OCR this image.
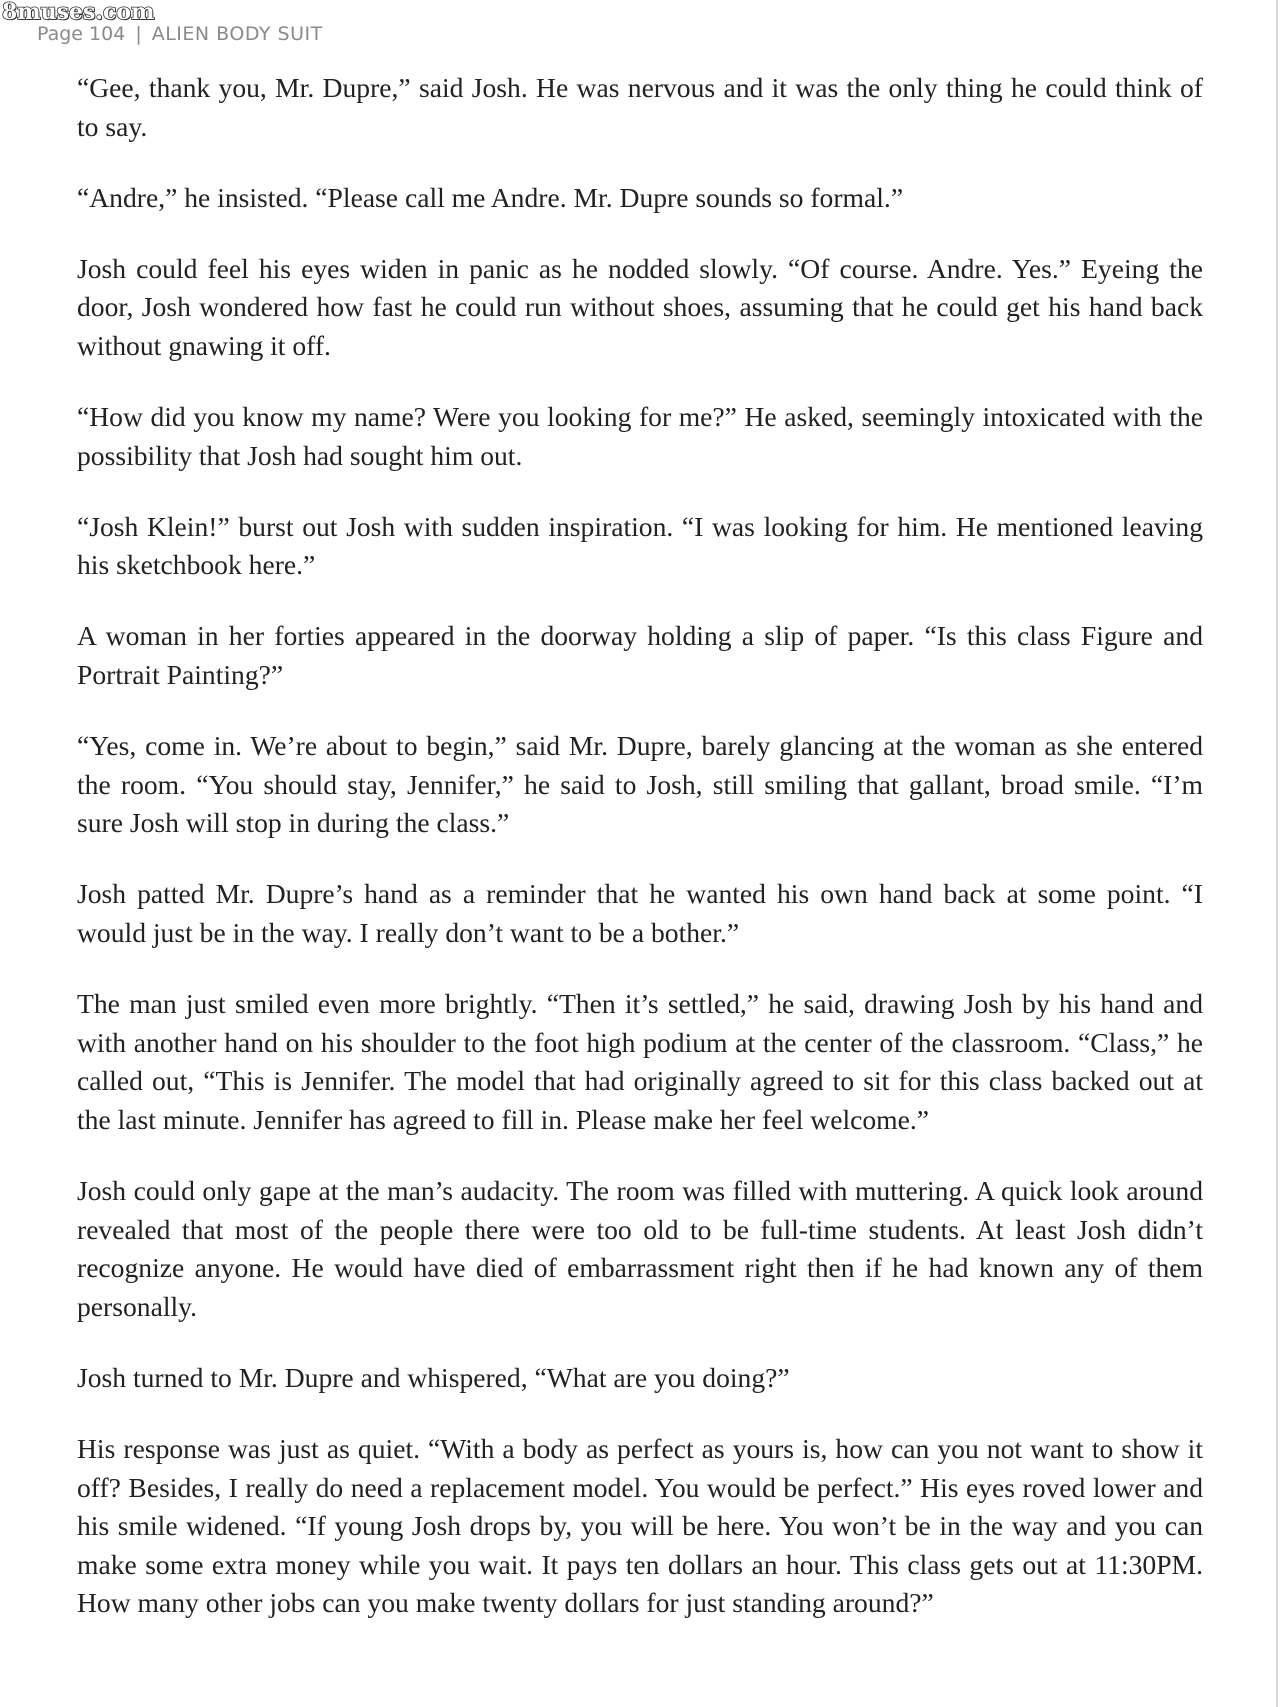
8muses.com
Page 104 | ALIEN BODY SUIT

“Gee, thank you, Mr. Dupre,” said Josh. He was nervous and it was the only thing he could think of to say.

“Andre,” he insisted. “Please call me Andre. Mr. Dupre sounds so formal.”

Josh could feel his eyes widen in panic as he nodded slowly. “Of course. Andre. Yes.” Eyeing the door, Josh wondered how fast he could run without shoes, assuming that he could get his hand back without gnawing it off.

“How did you know my name? Were you looking for me?” He asked, seemingly intoxicated with the possibility that Josh had sought him out.

“Josh Klein!” burst out Josh with sudden inspiration. “I was looking for him. He mentioned leaving his sketchbook here.”

A woman in her forties appeared in the doorway holding a slip of paper. “Is this class Figure and Portrait Painting?”

“Yes, come in. We’re about to begin,” said Mr. Dupre, barely glancing at the woman as she entered the room. “You should stay, Jennifer,” he said to Josh, still smiling that gallant, broad smile. “I’m sure Josh will stop in during the class.”

Josh patted Mr. Dupre’s hand as a reminder that he wanted his own hand back at some point. “I would just be in the way. I really don’t want to be a bother.”

The man just smiled even more brightly. “Then it’s settled,” he said, drawing Josh by his hand and with another hand on his shoulder to the foot high podium at the center of the classroom. “Class,” he called out, “This is Jennifer. The model that had originally agreed to sit for this class backed out at the last minute. Jennifer has agreed to fill in. Please make her feel welcome.”

Josh could only gape at the man’s audacity. The room was filled with muttering. A quick look around revealed that most of the people there were too old to be full-time students. At least Josh didn’t recognize anyone. He would have died of embarrassment right then if he had known any of them personally.

Josh turned to Mr. Dupre and whispered, “What are you doing?”

His response was just as quiet. “With a body as perfect as yours is, how can you not want to show it off? Besides, I really do need a replacement model. You would be perfect.” His eyes roved lower and his smile widened. “If young Josh drops by, you will be here. You won’t be in the way and you can make some extra money while you wait. It pays ten dollars an hour. This class gets out at 11:30PM. How many other jobs can you make twenty dollars for just standing around?”
